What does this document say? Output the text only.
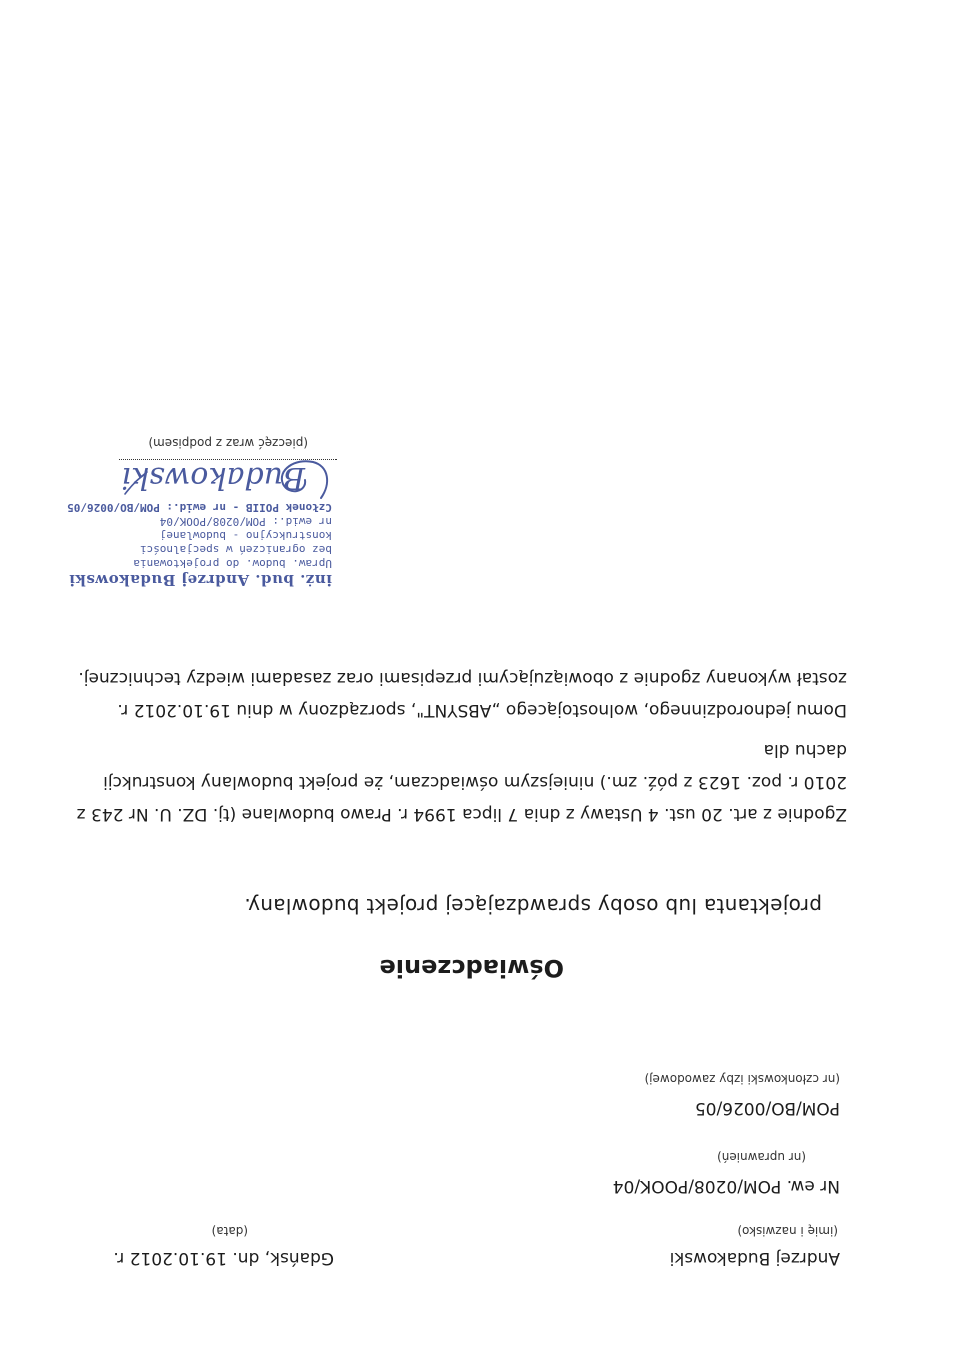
Andrzej Budakowski
(imię i nazwisko)
Gdańsk, dn. 19.10.2012 r.
(data)
Nr ew. POM/0208/POOK/04
(nr uprawnień)
POM/BO/0026/05
(nr członkowski izby zawodowej)
Oświadczenie
projektanta lub osoby sprawdzającej projekt budowlany.
Zgodnie z art. 20 ust. 4 Ustawy z dnia 7 lipca 1994 r. Prawo budowlane (tj. DZ. U. Nr 243 z
2010 r. poz. 1623 z póź. zm.) niniejszym oświadczam, że projekt budowlany konstrukcji
dachu dla
Domu jednorodzinnego, wolnostojącego „ABSYNT", sporządzony w dniu 19.10.2012 r.
został wykonany zgodnie z obowiązującymi przepisami oraz zasadami wiedzy technicznej.
inż. bud. Andrzej Budakowski
Upraw. budow. do projektowania
bez ograniczeń w specjalności
konstrukcyjno - budowlanej
nr ewid.: POM/0208/POOK/04
Członek POIIB - nr ewid.: POM/BO/0026/05
Budakowski
(pieczęć wraz z podpisem)
